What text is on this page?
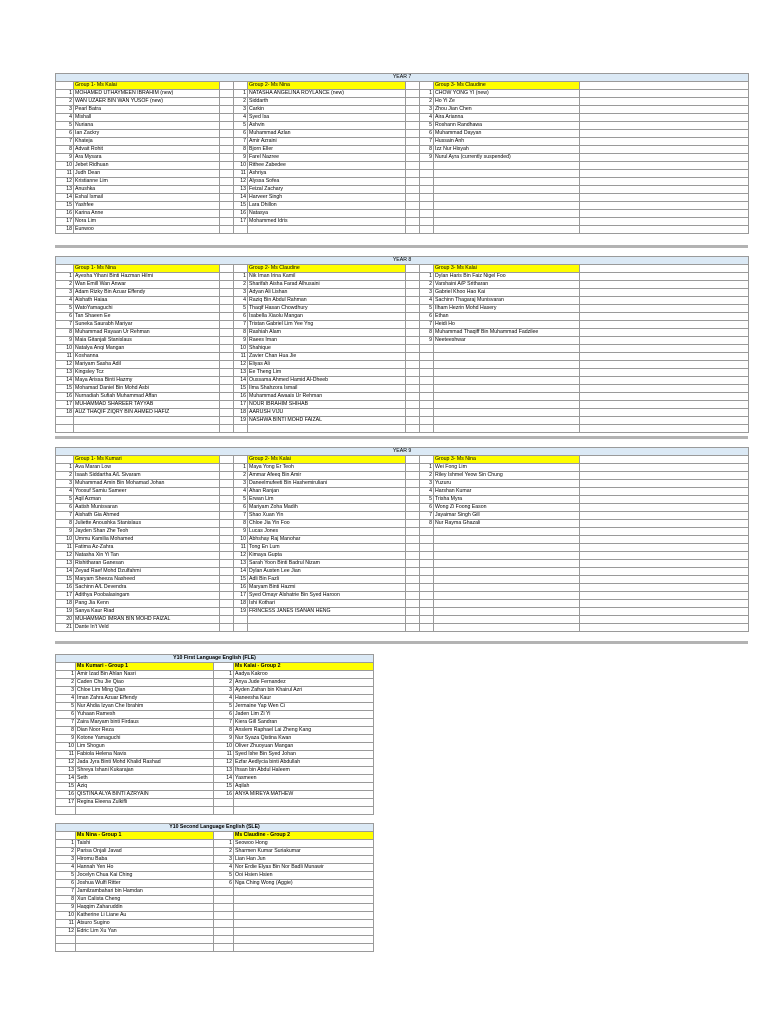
YEAR 7								
	Group 1- Ms Kalai			Group 2- Ms Nina			Group 3- Ms Claudine	
1	MOHAMED UTHAYMEEN IBRAHIM (new)		1	NATASHA ANGELINA ROYLANCE (new)		1	CHOW YONG YI (new)	
2	WAN UZAER BIN WAN YUSOF (new)		2	Siddarth		2	Ho Yi Ze	
3	Pearl Batra		3	Carkin		3	Zhou Jian Chen	
4	Mishall		4	Syed Isa		4	Aira Arianna	
5	Nuriana		5	Ashvin		5	Roshann Randhawa	
6	Ian Zackry		6	Muhammad Azlan		6	Muhammad Dayyan	
7	Khateja		7	Amir Azraini		7	Hussain Anh	
8	Advait Rohit		8	Bjorn Eller		8	Izz Nur Hisyah	
9	Ara Mysara		9	Farel Nazree		9	Nurul Ayra (currently suspended)	
10	Jebet Ridhuan		10	Rithee Zabedee				
11	Judh Dean		11	Ashriya				
12	Kristianne Lim		12	Alyssa Sofea				
13	Anushka		13	Feizal Zachary				
14	Eshal Ismail		14	Harveer Singh				
15	Yashfee		15	Lara Dhillon				
16	Karina Anne		16	Natasya				
17	Nora Lim		17	Mohammed Idris				
18	Eunwoo							
YEAR 8								
	Group 1- Ms Nina			Group 2- Ms Claudine			Group 3- Ms Kalai	
1	Ayesha Yihani Binti Hazman Hilmi		1	Nik Iman Irina Kamil		1	Dylan Haris Bin Faiz Nigel Foo	
2	Wan Emill Wan Anwar		2	Sharifah Aisha Farad Alhusaini		2	Varshaini A/P Sritharan	
3	Adam Rizky Bin Azuar Effendy		3	Adyan Ali Lishan		3	Gabriel Khoo Hao Kai	
4	Aishath Haiaa		4	Raziq Bin Abdul Rahman		4	Sachinn Thagaraj Munisvaran	
5	WatoYamaguchi		5	Thaqif Hasan Chowdhury		5	Ilham Hezrin Mohd Hasery	
6	Tan Shaeen Ee		6	Isabella Xiaolu Mangan		6	Ethan	
7	Suneka Saurabh Mariyar		7	Tristan Gabriel Lim Yee Yng		7	Heidi Ho	
8	Muhammad Rayaan Ur Rehman		8	Rashiah Alam		8	Muhammad Thaqiff Bin Muhammad Fadzilee	
9	Maia Gitanjali Stanislaus		9	Raees Iman		9	Neeteeshwar	
10	Natalya Anqi Mangan		10	Shahique				
11	Koshanna		11	Zavier Chan Hua Jie				
12	Mariyam Sasha Adil		12	Eliyas Ali				
13	Kingsley Tcz		13	Ee Theng Lim				
14	Maya Arissa Binti Hazmy		14	Oussama Ahmed Hamid Al-Dheeb				
15	Mohamad Daniel Bin Mohd Asbi		15	Ilma Shahzora Ismail				
16	Nurnadiah Sufiah Muhammad Affan		16	Muhammad Awaais Ur Rehman				
17	MUHAMMAD SHAREER TAYYAB		17	NOUR IBRAHIM SHIHAB				
18	AUZ THAQIF ZIQRY BIN AHMED HAFIZ		18	AARUSH VIJU				
			19	NASHWA BINTI MOHD FAIZAL				

YEAR 9								
	Group 1- Ms Kumari			Group 2- Ms Kalai			Group 3- Ms Nina	
1	Ava Maran Low		1	Maya Yong Er Teoh		1	Wei Fong Lim	
2	Isaah Siddartha A/L Sivaram		2	Ammar Afeeq Bin Amir		2	Riley Ishmel Yeow Sin Chung	
3	Muhammad Amin Bin Mohamad Johan		3	Daneelmufeeti Bin Hashemiruliani		3	Yuzuru	
4	Yoosuf Samiu Sameer		4	Ahan Ranjan		4	Harshan Kumar	
5	Aqil Azman		5	Erwan Lim		5	Trisha Myra	
6	Aatish Munisvaran		6	Mariyam Zoha Madih		6	Wong Zi Foong Eason	
7	Aishath Gia Ahmed		7	Shao Xuan Yin		7	Jayaimar Singh Gill	
8	Juliette Anoushka Stanislaus		8	Chloe Jia Yin Foo		8	Nur Rayma Ghazali	
9	Jayden Shan Zhe Teoh		9	Lucas Jones				
10	Ummu Kamilia Mohamed		10	Abhshay Raj Manohar				
11	Fatima Az-Zahra		11	Tong En Lum				
12	Natasha Xin Yi Tan		12	Kimaya Gupta				
13	Rishitharan Ganesan		13	Sarah Yoon Binti Badrul Nizam				
14	Zeyad Raef Mohd Dzulfahmi		14	Dylan Austen Lee Jian				
15	Maryam Sheeza Nasheed		15	Adli Bin Fazli				
16	Sachinn A/L Devendra		16	Maryam Binti Hazmi				
17	Adithya Poobalasingam		17	Syed Omayr Alshatrie Bin Syed Haroon				
18	Pang Jia Kenn		18	Ishi Kothari				
19	Sanya Kaur Riad		19	FRINCESS JANES ISANAN HENG				
20	MUHAMMAD IMRAN BIN MOHD FAIZAL							
21	Dante In't Veld							
Y10 First Language English (FLE)			
	Ms Kumari - Group 1		Ms Kalai - Group 2
1	Amir Izad Bin Ahlan Nasri	1	Aadya Kakroo
2	Caden Chu Jie Qiao	2	Anya Jude Fernandez
3	Chloe Lim Ming Qian	3	Ayden Zafran bin Khairul Azri
4	Iman Zahra Azuar Effendy	4	Haneesha Kaur
5	Nur Ahdia Izyan Che Ibrahim	5	Jermaine Yap Wen Ci
6	Yuhaan Ramesh	6	Jaden Lim Zi Yi
7	Zaira Maryam binti Firdaus	7	Kiera Gill Sandran
8	Dian Noor Reza	8	Anslem Raphael Lai Zheng Kang
9	Kotone Yamaguchi	9	Nur Syaza Qistina Kwan
10	Lim Shogun	10	Oliver Zhuoyuan Mangan
11	Fabiola Helena Navis	11	Syed Ishe Bin Syed Johan
12	Jada Jyra Binti Mohd Khalid Rashad	12	Ezfar Aedlycia binti Abdullah
13	Shreya Ishani Kukarajan	13	Ihsan bin Abdul Haleem
14	Seth	14	Yasmeen
15	Aziq	15	Aqilah
16	QISTINA ALYA BINTI AZRYAIN	16	ANYA MIREYA MATHEW
17	Regina Eleena Zulkifli		

Y10 Second Language English (SLE)			
	Ms Nina - Group 1		Ms Claudine - Group 2
1	Taishi	1	Seowoo Hong
2	Parisa Onjali Javad	2	Sharmen Kumar Suriakumar
3	Hiromu Baba	3	Lian Han Jun
4	Hannah Yen Ho	4	Nor Erdie Elyas Bin Nor Badli Munawir
5	Jocelyn Chua Kai Ching	5	Ooi Hsien Hsien
6	Joshua Wulfi Ritter	6	Nga Ching Wong (Aggie)
7	Jamilzambahari bin Hamdan		
8	Xun Calista Cheng		
9	Haqqim Zaharuddin		
10	Katherine Li Liane Au		
11	Atsuro Sugino		
12	Edric Lim Xu Yan		
